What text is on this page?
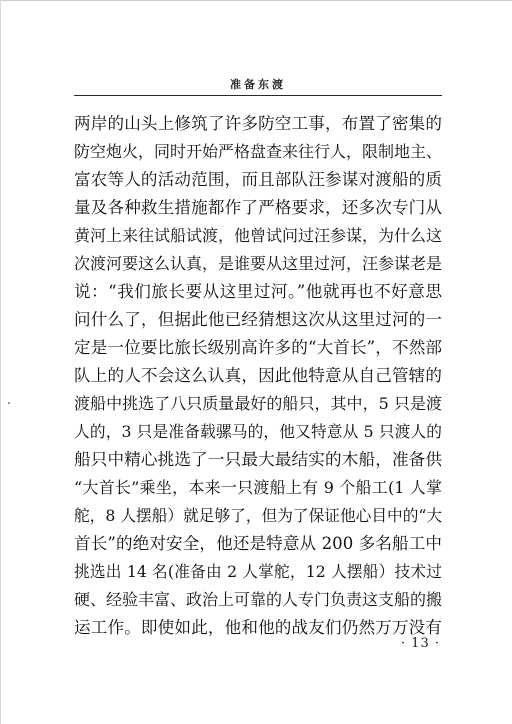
准备东渡
两岸的山头上修筑了许多防空工事，布置了密集的
防空炮火，同时开始严格盘查来往行人，限制地主、
富农等人的活动范围，而且部队汪参谋对渡船的质
量及各种救生措施都作了严格要求，还多次专门从
黄河上来往试船试渡，他曾试问过汪参谋，为什么这
次渡河要这么认真，是谁要从这里过河，汪参谋老是
说：“我们旅长要从这里过河。”他就再也不好意思
问什么了，但据此他已经猜想这次从这里过河的一
定是一位要比旅长级别高许多的“大首长”，不然部
队上的人不会这么认真，因此他特意从自己管辖的
渡船中挑选了八只质量最好的船只，其中，5 只是渡
人的，3 只是准备载骡马的，他又特意从 5 只渡人的
船只中精心挑选了一只最大最结实的木船，准备供
“大首长”乘坐，本来一只渡船上有 9 个船工(1 人掌
舵，8 人摆船）就足够了，但为了保证他心目中的“大
首长”的绝对安全，他还是特意从 200 多名船工中
挑选出 14 名(准备由 2 人掌舵，12 人摆船）技术过
硬、经验丰富、政治上可靠的人专门负责这支船的搬
运工作。即使如此，他和他的战友们仍然万万没有
· 13 ·
